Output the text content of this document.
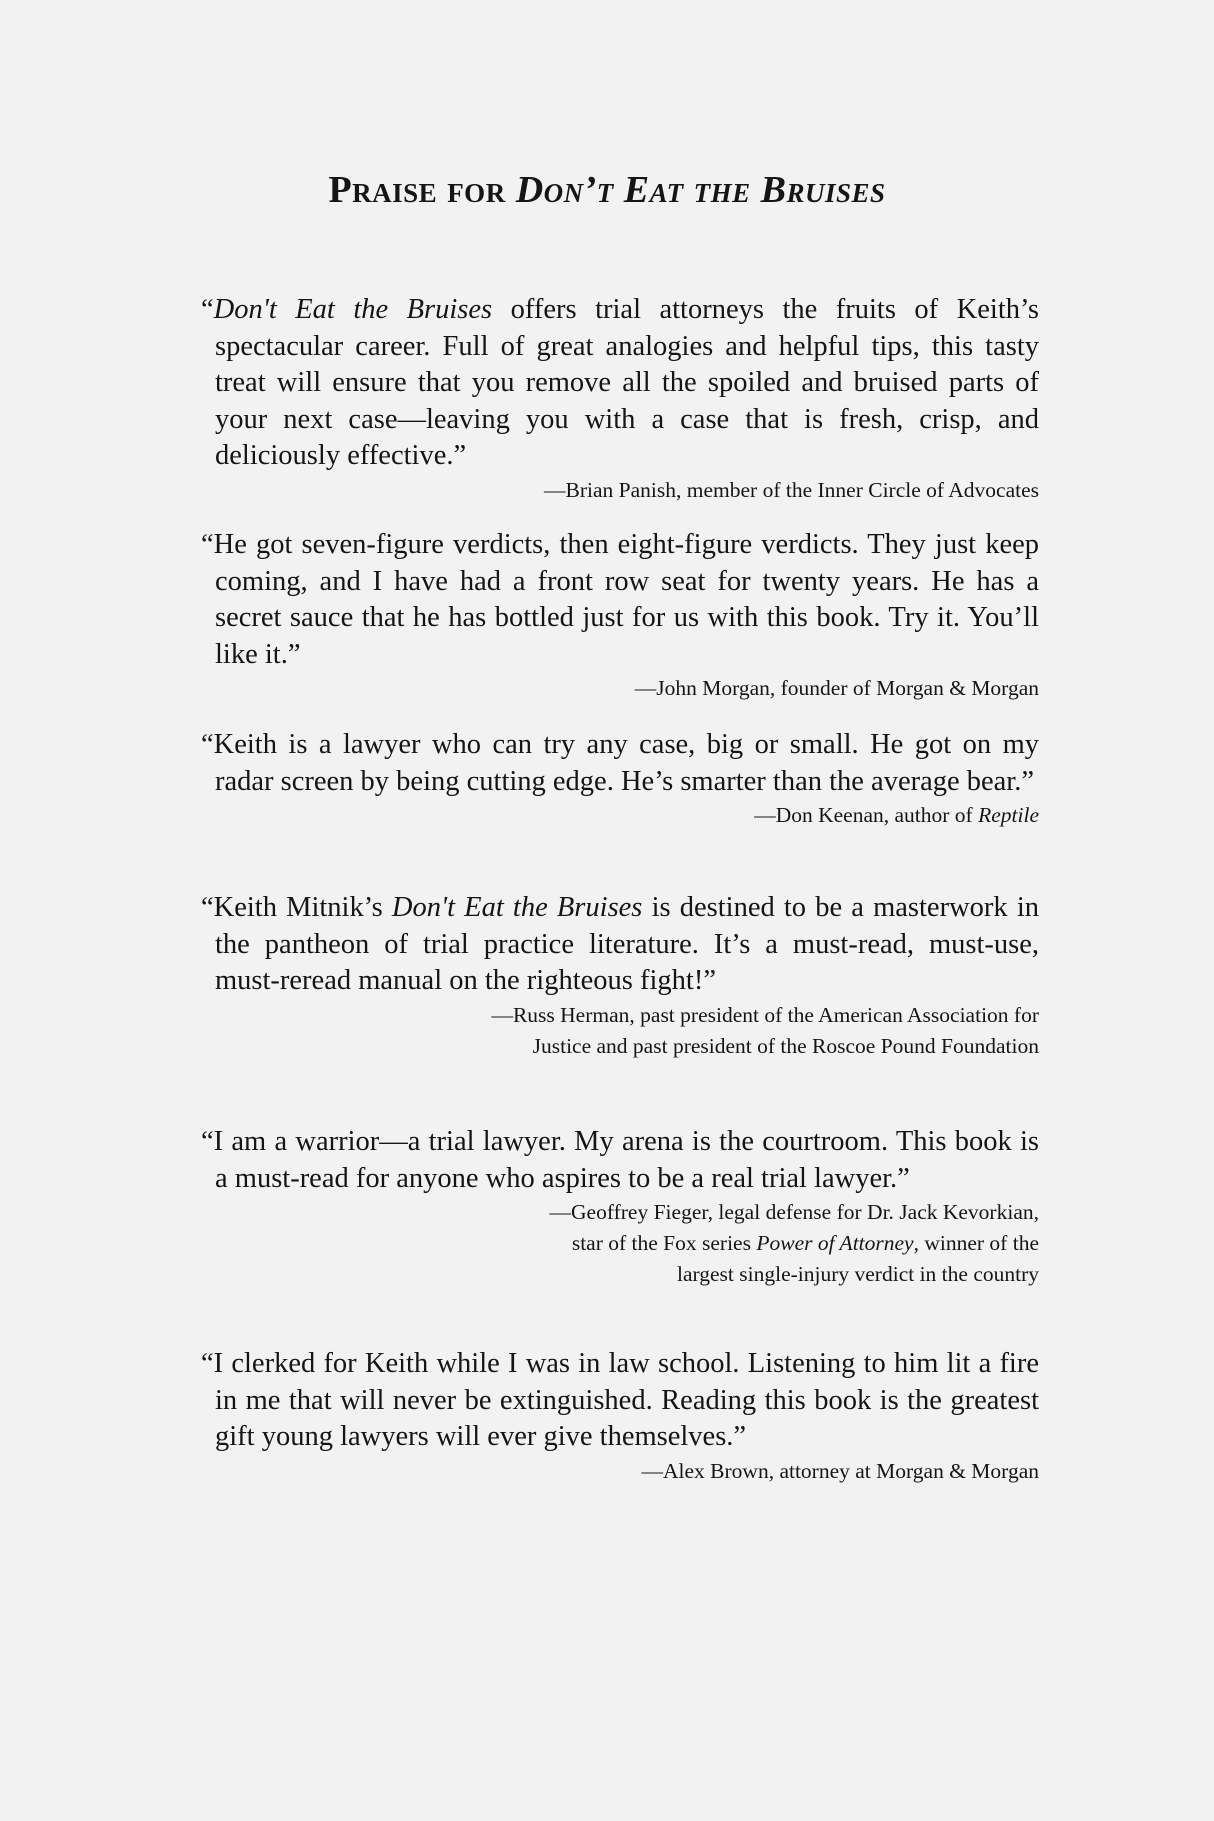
Praise for Don’t Eat the Bruises

“Don't Eat the Bruises offers trial attorneys the fruits of Keith’s spectacular career. Full of great analogies and helpful tips, this tasty treat will ensure that you remove all the spoiled and bruised parts of your next case—leaving you with a case that is fresh, crisp, and deliciously effective.”

—Brian Panish, member of the Inner Circle of Advocates

“He got seven-figure verdicts, then eight-figure verdicts. They just keep coming, and I have had a front row seat for twenty years. He has a secret sauce that he has bottled just for us with this book. Try it. You’ll like it.”

—John Morgan, founder of Morgan & Morgan

“Keith is a lawyer who can try any case, big or small. He got on my radar screen by being cutting edge. He’s smarter than the average bear.”

—Don Keenan, author of Reptile

“Keith Mitnik’s Don't Eat the Bruises is destined to be a masterwork in the pantheon of trial practice literature. It’s a must-read, must-use, must-reread manual on the righteous fight!”

—Russ Herman, past president of the American Association for
Justice and past president of the Roscoe Pound Foundation

“I am a warrior—a trial lawyer. My arena is the courtroom. This book is a must-read for anyone who aspires to be a real trial lawyer.”

—Geoffrey Fieger, legal defense for Dr. Jack Kevorkian,
star of the Fox series Power of Attorney, winner of the
largest single-injury verdict in the country

“I clerked for Keith while I was in law school. Listening to him lit a fire in me that will never be extinguished. Reading this book is the greatest gift young lawyers will ever give themselves.”

—Alex Brown, attorney at Morgan & Morgan
